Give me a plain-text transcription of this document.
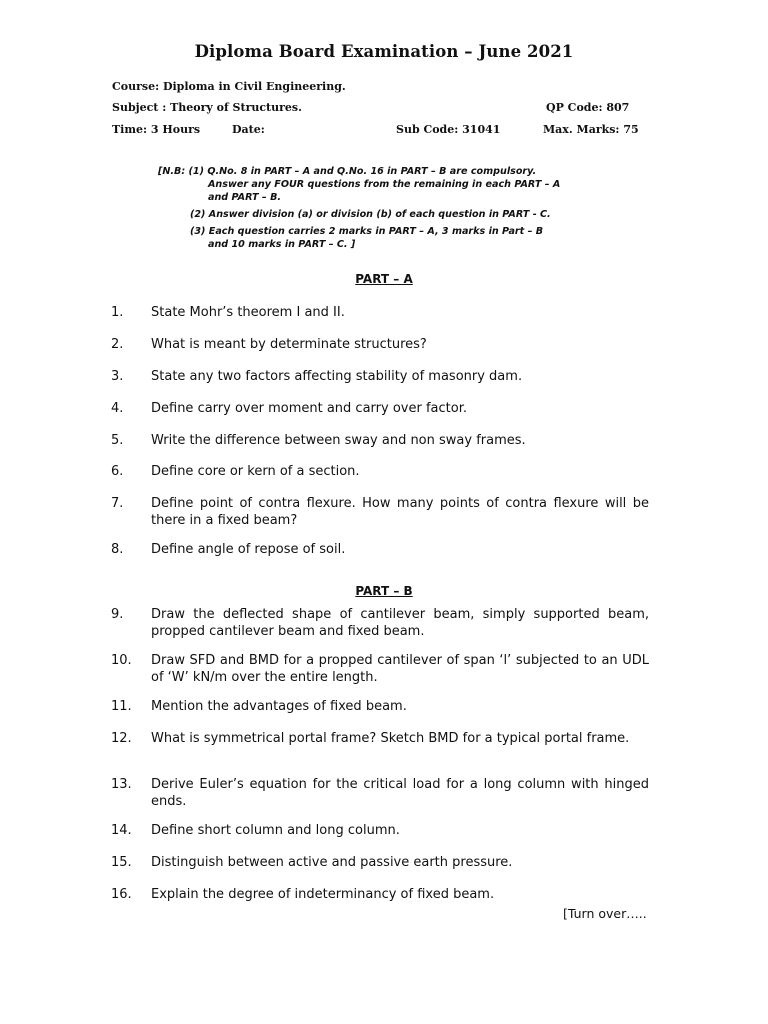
Diploma Board Examination – June 2021
Course: Diploma in Civil Engineering.
Subject : Theory of Structures.	QP Code: 807
Time: 3 Hours	Date:	Sub Code: 31041	Max. Marks: 75
[N.B: (1) Q.No. 8 in PART – A and Q.No. 16 in PART – B are compulsory.
Answer any FOUR questions from the remaining in each PART – A
and PART – B.
(2) Answer division (a) or division (b) of each question in PART - C.
(3) Each question carries 2 marks in PART – A, 3 marks in Part – B
and 10 marks in PART – C. ]
PART – A
1.	State Mohr’s theorem I and II.
2.	What is meant by determinate structures?
3.	State any two factors affecting stability of masonry dam.
4.	Define carry over moment and carry over factor.
5.	Write the difference between sway and non sway frames.
6.	Define core or kern of a section.
7.	Define point of contra flexure. How many points of contra flexure will be there in a fixed beam?
8.	Define angle of repose of soil.
PART – B
9.	Draw the deflected shape of cantilever beam, simply supported beam, propped cantilever beam and fixed beam.
10.	Draw SFD and BMD for a propped cantilever of span ‘l’ subjected to an UDL of ‘W’ kN/m over the entire length.
11.	Mention the advantages of fixed beam.
12.	What is symmetrical portal frame? Sketch BMD for a typical portal frame.
13.	Derive Euler’s equation for the critical load for a long column with hinged ends.
14.	Define short column and long column.
15.	Distinguish between active and passive earth pressure.
16.	Explain the degree of indeterminancy of fixed beam.
[Turn over…..
